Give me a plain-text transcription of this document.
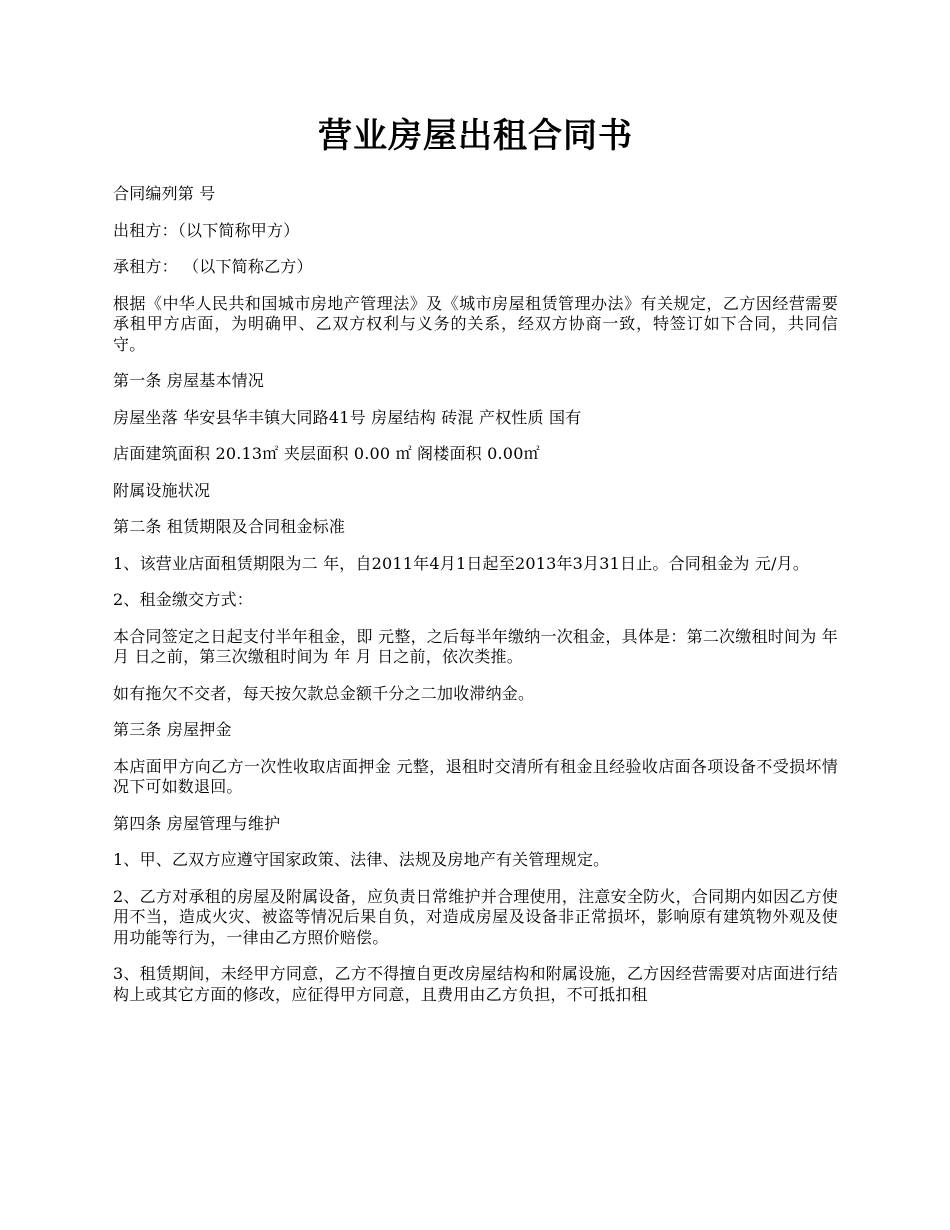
营业房屋出租合同书

合同编列第 号

出租方：（以下简称甲方）

承租方： （以下简称乙方）

根据《中华人民共和国城市房地产管理法》及《城市房屋租赁管理办法》有关规定，乙方因经营需要承租甲方店面，为明确甲、乙双方权利与义务的关系，经双方协商一致，特签订如下合同，共同信守。

第一条 房屋基本情况

房屋坐落 华安县华丰镇大同路41号 房屋结构 砖混 产权性质 国有

店面建筑面积 20.13㎡ 夹层面积 0.00 ㎡ 阁楼面积 0.00㎡

附属设施状况

第二条 租赁期限及合同租金标准

1、该营业店面租赁期限为二 年，自2011年4月1日起至2013年3月31日止。合同租金为 元/月。

2、租金缴交方式：

本合同签定之日起支付半年租金，即 元整，之后每半年缴纳一次租金，具体是：第二次缴租时间为 年 月 日之前，第三次缴租时间为 年 月 日之前，依次类推。

如有拖欠不交者，每天按欠款总金额千分之二加收滞纳金。

第三条 房屋押金

本店面甲方向乙方一次性收取店面押金 元整，退租时交清所有租金且经验收店面各项设备不受损坏情况下可如数退回。

第四条 房屋管理与维护

1、甲、乙双方应遵守国家政策、法律、法规及房地产有关管理规定。

2、乙方对承租的房屋及附属设备，应负责日常维护并合理使用，注意安全防火，合同期内如因乙方使用不当，造成火灾、被盗等情况后果自负，对造成房屋及设备非正常损坏，影响原有建筑物外观及使用功能等行为，一律由乙方照价赔偿。

3、租赁期间，未经甲方同意，乙方不得擅自更改房屋结构和附属设施，乙方因经营需要对店面进行结构上或其它方面的修改，应征得甲方同意，且费用由乙方负担，不可抵扣租
